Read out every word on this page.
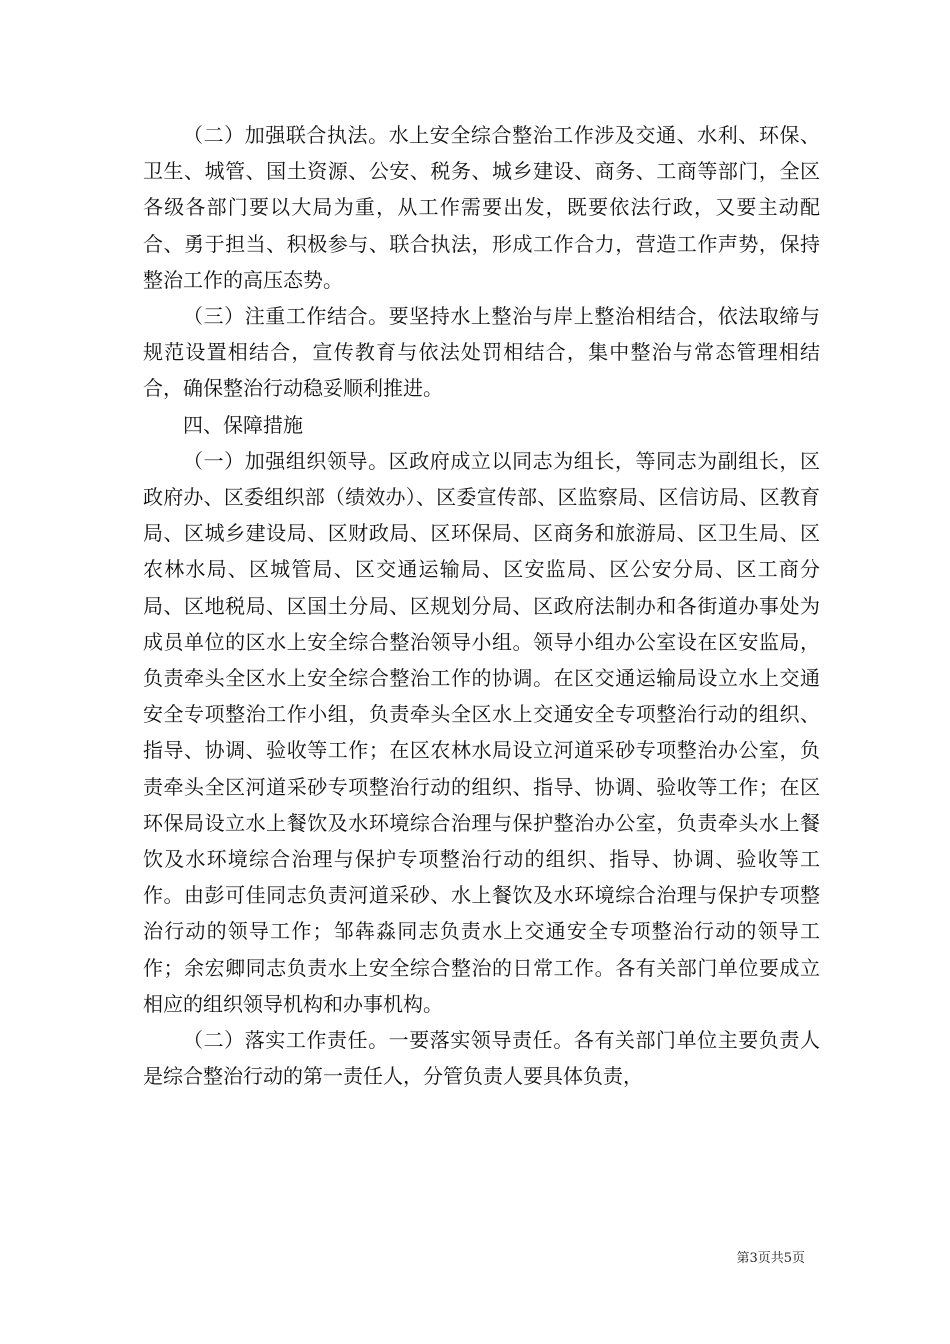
（二）加强联合执法。水上安全综合整治工作涉及交通、水利、环保、卫生、城管、国土资源、公安、税务、城乡建设、商务、工商等部门，全区各级各部门要以大局为重，从工作需要出发，既要依法行政，又要主动配合、勇于担当、积极参与、联合执法，形成工作合力，营造工作声势，保持整治工作的高压态势。

（三）注重工作结合。要坚持水上整治与岸上整治相结合，依法取缔与规范设置相结合，宣传教育与依法处罚相结合，集中整治与常态管理相结合，确保整治行动稳妥顺利推进。

四、保障措施

（一）加强组织领导。区政府成立以同志为组长，等同志为副组长，区政府办、区委组织部（绩效办）、区委宣传部、区监察局、区信访局、区教育局、区城乡建设局、区财政局、区环保局、区商务和旅游局、区卫生局、区农林水局、区城管局、区交通运输局、区安监局、区公安分局、区工商分局、区地税局、区国土分局、区规划分局、区政府法制办和各街道办事处为成员单位的区水上安全综合整治领导小组。领导小组办公室设在区安监局，负责牵头全区水上安全综合整治工作的协调。在区交通运输局设立水上交通安全专项整治工作小组，负责牵头全区水上交通安全专项整治行动的组织、指导、协调、验收等工作；在区农林水局设立河道采砂专项整治办公室，负责牵头全区河道采砂专项整治行动的组织、指导、协调、验收等工作；在区环保局设立水上餐饮及水环境综合治理与保护整治办公室，负责牵头水上餐饮及水环境综合治理与保护专项整治行动的组织、指导、协调、验收等工作。由彭可佳同志负责河道采砂、水上餐饮及水环境综合治理与保护专项整治行动的领导工作；邹犇淼同志负责水上交通安全专项整治行动的领导工作；余宏卿同志负责水上安全综合整治的日常工作。各有关部门单位要成立相应的组织领导机构和办事机构。

（二）落实工作责任。一要落实领导责任。各有关部门单位主要负责人是综合整治行动的第一责任人，分管负责人要具体负责，

第3页共5页
